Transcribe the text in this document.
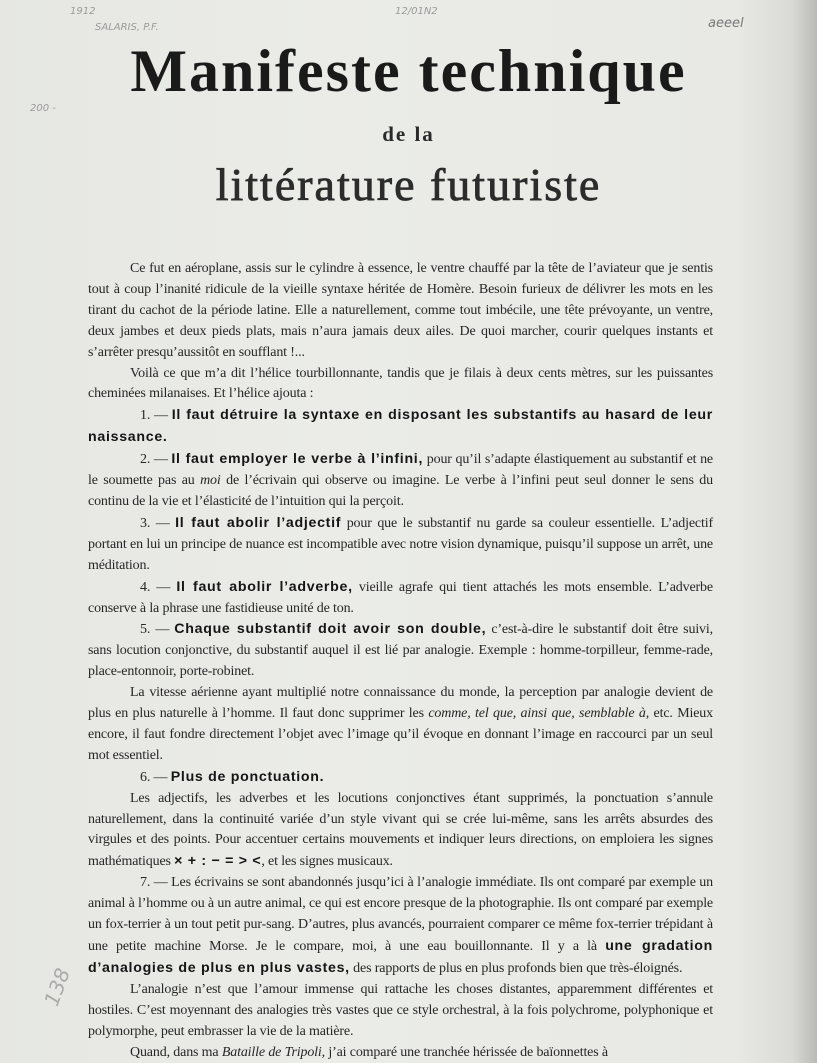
1912
SALARIS, P.F.
12/01N2
aeeel
200 -
138
Manifeste technique
de la
littérature futuriste

Ce fut en aéroplane, assis sur le cylindre à essence, le ventre chauffé par la tête de l’aviateur que je sentis tout à coup l’inanité ridicule de la vieille syntaxe héritée de Homère. Besoin furieux de délivrer les mots en les tirant du cachot de la période latine. Elle a naturellement, comme tout imbécile, une tête prévoyante, un ventre, deux jambes et deux pieds plats, mais n’aura jamais deux ailes. De quoi marcher, courir quelques instants et s’arrêter presqu’aussitôt en soufflant !...

Voilà ce que m’a dit l’hélice tourbillonnante, tandis que je filais à deux cents mètres, sur les puissantes cheminées milanaises. Et l’hélice ajouta :

1. — Il faut détruire la syntaxe en disposant les substantifs au hasard de leur naissance.

2. — Il faut employer le verbe à l’infini, pour qu’il s’adapte élastiquement au substantif et ne le soumette pas au moi de l’écrivain qui observe ou imagine. Le verbe à l’infini peut seul donner le sens du continu de la vie et l’élasticité de l’intuition qui la perçoit.

3. — Il faut abolir l’adjectif pour que le substantif nu garde sa couleur essentielle. L’adjectif portant en lui un principe de nuance est incompatible avec notre vision dynamique, puisqu’il suppose un arrêt, une méditation.

4. — Il faut abolir l’adverbe, vieille agrafe qui tient attachés les mots ensemble. L’adverbe conserve à la phrase une fastidieuse unité de ton.

5. — Chaque substantif doit avoir son double, c’est-à-dire le substantif doit être suivi, sans locution conjonctive, du substantif auquel il est lié par analogie. Exemple : homme-torpilleur, femme-rade, place-entonnoir, porte-robinet.

La vitesse aérienne ayant multiplié notre connaissance du monde, la perception par analogie devient de plus en plus naturelle à l’homme. Il faut donc supprimer les comme, tel que, ainsi que, semblable à, etc. Mieux encore, il faut fondre directement l’objet avec l’image qu’il évoque en donnant l’image en raccourci par un seul mot essentiel.

6. — Plus de ponctuation.

Les adjectifs, les adverbes et les locutions conjonctives étant supprimés, la ponctuation s’annule naturellement, dans la continuité variée d’un style vivant qui se crée lui-même, sans les arrêts absurdes des virgules et des points. Pour accentuer certains mouvements et indiquer leurs directions, on emploiera les signes mathématiques × + : − = > <, et les signes musicaux.

7. — Les écrivains se sont abandonnés jusqu’ici à l’analogie immédiate. Ils ont comparé par exemple un animal à l’homme ou à un autre animal, ce qui est encore presque de la photographie. Ils ont comparé par exemple un fox-terrier à un tout petit pur-sang. D’autres, plus avancés, pourraient comparer ce même fox-terrier trépidant à une petite machine Morse. Je le compare, moi, à une eau bouillonnante. Il y a là une gradation d’analogies de plus en plus vastes, des rapports de plus en plus profonds bien que très-éloignés.

L’analogie n’est que l’amour immense qui rattache les choses distantes, apparemment différentes et hostiles. C’est moyennant des analogies très vastes que ce style orchestral, à la fois polychrome, polyphonique et polymorphe, peut embrasser la vie de la matière.

Quand, dans ma Bataille de Tripoli, j’ai comparé une tranchée hérissée de baïonnettes à
